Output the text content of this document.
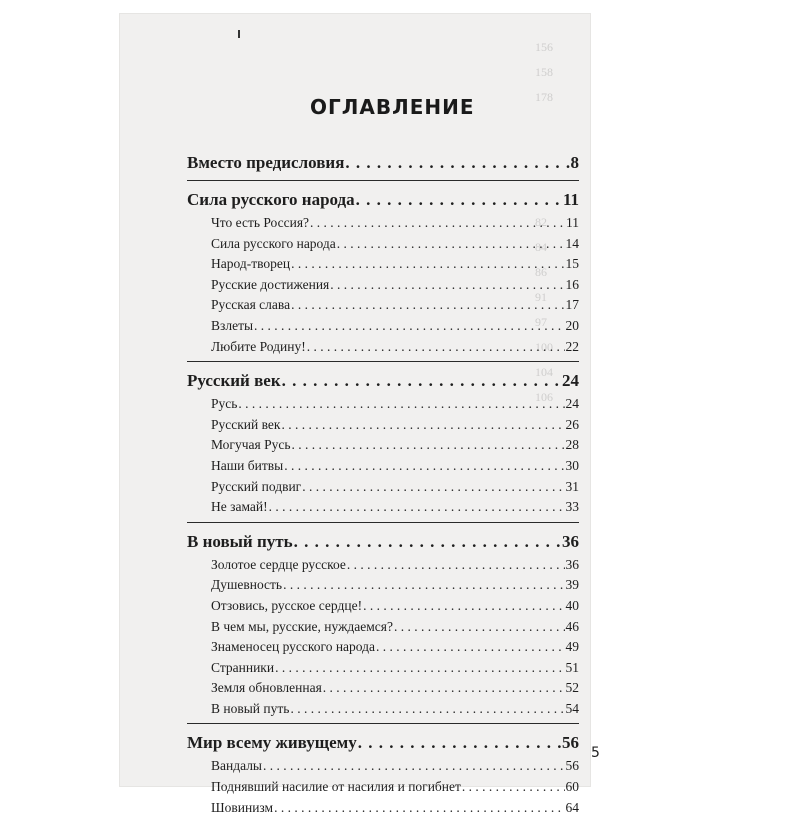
156
158
178
82
84
86
91
97
100
104
106
ОГЛАВЛЕНИЕ
Вместо предисловия . . .	8
Сила русского народа . . .	11
Что есть Россия? . . .	11
Сила русского народа . . .	14
Народ-творец . . .	15
Русские достижения . . .	16
Русская слава . . .	17
Взлеты . . .	20
Любите Родину! . . .	22
Русский век . . .	24
Русь . . .	24
Русский век . . .	26
Могучая Русь . . .	28
Наши битвы . . .	30
Русский подвиг . . .	31
Не замай! . . .	33
В новый путь . . .	36
Золотое сердце русское . . .	36
Душевность . . .	39
Отзовись, русское сердце! . . .	40
В чем мы, русские, нуждаемся? . . .	46
Знаменосец русского народа . . .	49
Странники . . .	51
Земля обновленная . . .	52
В новый путь . . .	54
Мир всему живущему . . .	56
Вандалы . . .	56
Поднявший насилие от насилия и погибнет . . .	60
Шовинизм . . .	64
5
